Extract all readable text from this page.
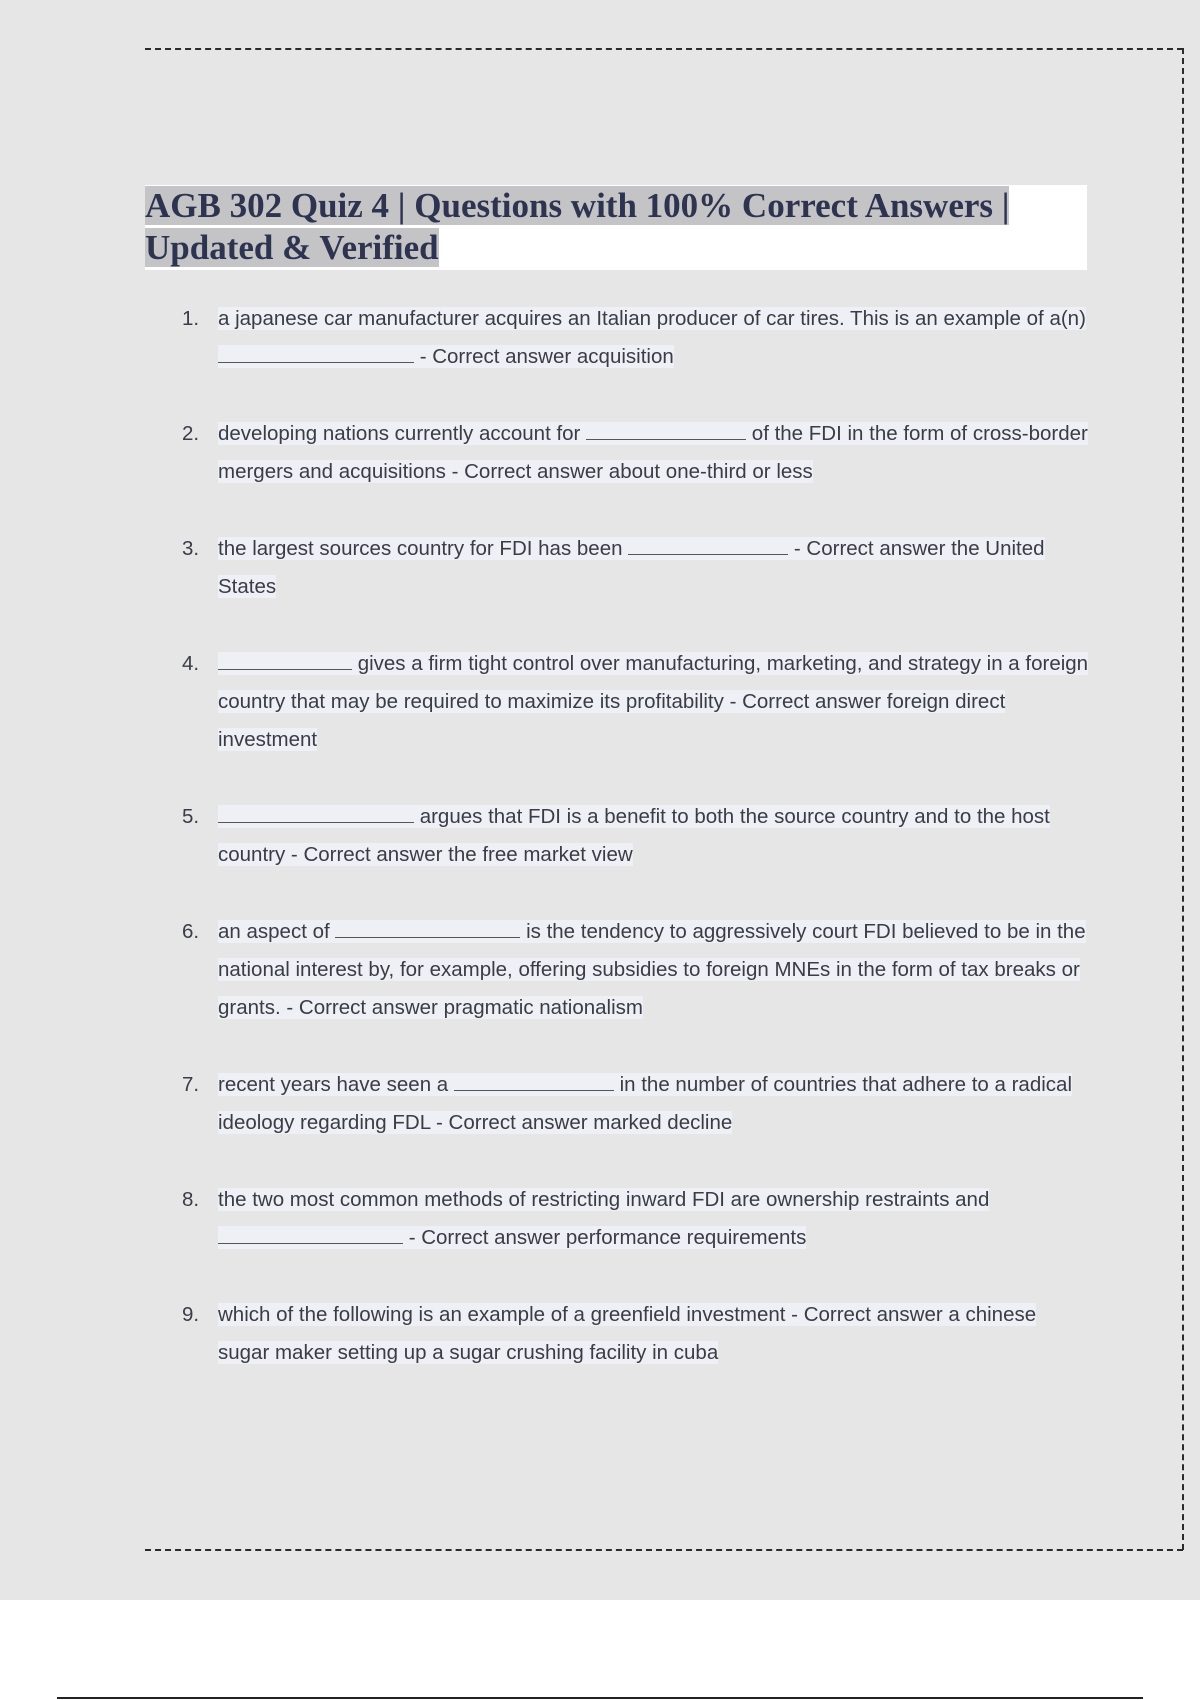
AGB 302 Quiz 4 | Questions with 100% Correct Answers |
Updated & Verified
1. a japanese car manufacturer acquires an Italian producer of car tires. This is an example of a(n)  - Correct answer acquisition
2. developing nations currently account for	of the FDI in the form of cross-border mergers and acquisitions - Correct answer about one-third or less
3. the largest sources country for FDI has been	- Correct answer the United States
4.	gives a firm tight control over manufacturing, marketing, and strategy in a foreign country that may be required to maximize its profitability - Correct answer foreign direct investment
5.	argues that FDI is a benefit to both the source country and to the host country - Correct answer the free market view
6. an aspect of	is the tendency to aggressively court FDI believed to be in the national interest by, for example, offering subsidies to foreign MNEs in the form of tax breaks or grants. - Correct answer pragmatic nationalism
7. recent years have seen a	in the number of countries that adhere to a radical ideology regarding FDL - Correct answer marked decline
8. the two most common methods of restricting inward FDI are ownership restraints and  - Correct answer performance requirements
9. which of the following is an example of a greenfield investment - Correct answer a chinese sugar maker setting up a sugar crushing facility in cuba
